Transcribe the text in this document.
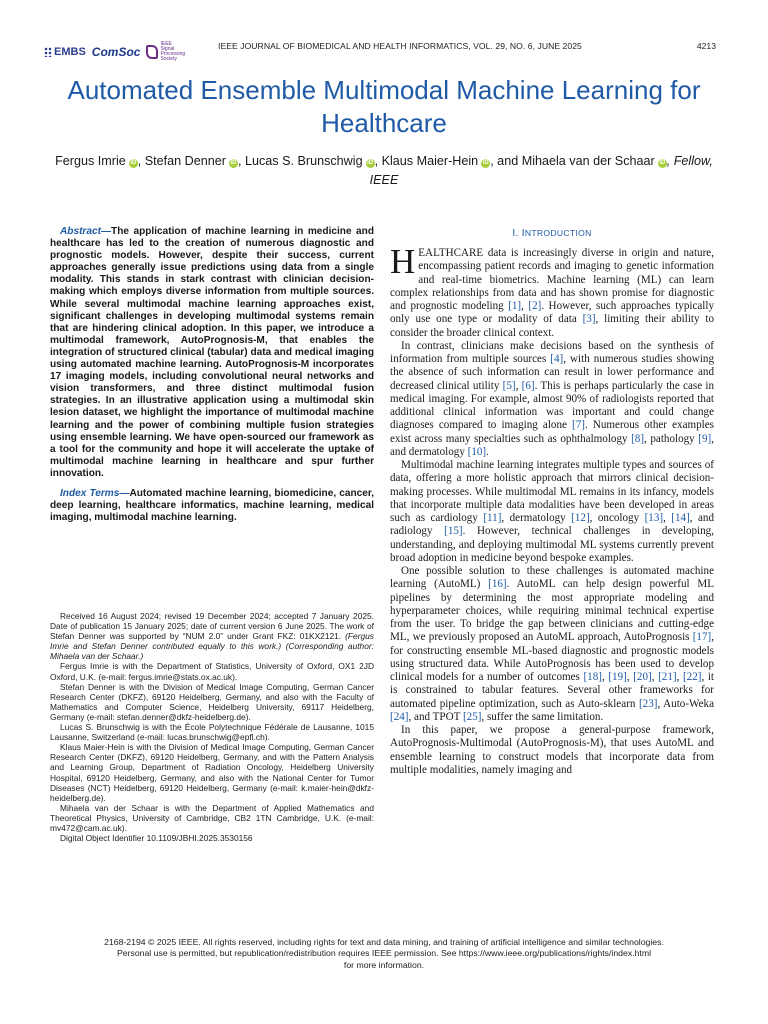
EMBS ComSoc
IEEE
Signal
Processing
Society
IEEE JOURNAL OF BIOMEDICAL AND HEALTH INFORMATICS, VOL. 29, NO. 6, JUNE 2025	4213
Automated Ensemble Multimodal Machine Learning for Healthcare
Fergus Imrie iD , Stefan Denner iD , Lucas S. Brunschwig iD , Klaus Maier-Hein iD , and Mihaela van der Schaar iD , Fellow, IEEE

Abstract—The application of machine learning in medicine and healthcare has led to the creation of numerous diagnostic and prognostic models. However, despite their success, current approaches generally issue predictions using data from a single modality. This stands in stark contrast with clinician decision-making which employs diverse information from multiple sources. While several multimodal machine learning approaches exist, significant challenges in developing multimodal systems remain that are hindering clinical adoption. In this paper, we introduce a multimodal framework, AutoPrognosis-M, that enables the integration of structured clinical (tabular) data and medical imaging using automated machine learning. AutoPrognosis-M incorporates 17 imaging models, including convolutional neural networks and vision transformers, and three distinct multimodal fusion strategies. In an illustrative application using a multimodal skin lesion dataset, we highlight the importance of multimodal machine learning and the power of combining multiple fusion strategies using ensemble learning. We have open-sourced our framework as a tool for the community and hope it will accelerate the uptake of multimodal machine learning in healthcare and spur further innovation.

Index Terms—Automated machine learning, biomedicine, cancer, deep learning, healthcare informatics, machine learning, medical imaging, multimodal machine learning.

Received 16 August 2024; revised 19 December 2024; accepted 7 January 2025. Date of publication 15 January 2025; date of current version 6 June 2025. The work of Stefan Denner was supported by “NUM 2.0” under Grant FKZ: 01KX2121. (Fergus Imrie and Stefan Denner contributed equally to this work.) (Corresponding author: Mihaela van der Schaar.)

Fergus Imrie is with the Department of Statistics, University of Oxford, OX1 2JD Oxford, U.K. (e-mail: fergus.imrie@stats.ox.ac.uk).

Stefan Denner is with the Division of Medical Image Computing, German Cancer Research Center (DKFZ), 69120 Heidelberg, Germany, and also with the Faculty of Mathematics and Computer Science, Heidelberg University, 69117 Heidelberg, Germany (e-mail: stefan.denner@dkfz-heidelberg.de).

Lucas S. Brunschwig is with the École Polytechnique Fédérale de Lausanne, 1015 Lausanne, Switzerland (e-mail: lucas.brunschwig@epfl.ch).

Klaus Maier-Hein is with the Division of Medical Image Computing, German Cancer Research Center (DKFZ), 69120 Heidelberg, Germany, and with the Pattern Analysis and Learning Group, Department of Radiation Oncology, Heidelberg University Hospital, 69120 Heidelberg, Germany, and also with the National Center for Tumor Diseases (NCT) Heidelberg, 69120 Heidelberg, Germany (e-mail: k.maier-hein@dkfz-heidelberg.de).

Mihaela van der Schaar is with the Department of Applied Mathematics and Theoretical Physics, University of Cambridge, CB2 1TN Cambridge, U.K. (e-mail: mv472@cam.ac.uk).

Digital Object Identifier 10.1109/JBHI.2025.3530156

I. INTRODUCTION

HEALTHCARE data is increasingly diverse in origin and nature, encompassing patient records and imaging to genetic information and real-time biometrics. Machine learning (ML) can learn complex relationships from data and has shown promise for diagnostic and prognostic modeling [1], [2]. However, such approaches typically only use one type or modality of data [3], limiting their ability to consider the broader clinical context.

In contrast, clinicians make decisions based on the synthesis of information from multiple sources [4], with numerous studies showing the absence of such information can result in lower performance and decreased clinical utility [5], [6]. This is perhaps particularly the case in medical imaging. For example, almost 90% of radiologists reported that additional clinical information was important and could change diagnoses compared to imaging alone [7]. Numerous other examples exist across many specialties such as ophthalmology [8], pathology [9], and dermatology [10].

Multimodal machine learning integrates multiple types and sources of data, offering a more holistic approach that mirrors clinical decision-making processes. While multimodal ML remains in its infancy, models that incorporate multiple data modalities have been developed in areas such as cardiology [11], dermatology [12], oncology [13], [14], and radiology [15]. However, technical challenges in developing, understanding, and deploying multimodal ML systems currently prevent broad adoption in medicine beyond bespoke examples.

One possible solution to these challenges is automated machine learning (AutoML) [16]. AutoML can help design powerful ML pipelines by determining the most appropriate modeling and hyperparameter choices, while requiring minimal technical expertise from the user. To bridge the gap between clinicians and cutting-edge ML, we previously proposed an AutoML approach, AutoPrognosis [17], for constructing ensemble ML-based diagnostic and prognostic models using structured data. While AutoPrognosis has been used to develop clinical models for a number of outcomes [18], [19], [20], [21], [22], it is constrained to tabular features. Several other frameworks for automated pipeline optimization, such as Auto-sklearn [23], Auto-Weka [24], and TPOT [25], suffer the same limitation.

In this paper, we propose a general-purpose framework, AutoPrognosis-Multimodal (AutoPrognosis-M), that uses AutoML and ensemble learning to construct models that incorporate data from multiple modalities, namely imaging and

2168-2194 © 2025 IEEE. All rights reserved, including rights for text and data mining, and training of artificial intelligence and similar technologies.
Personal use is permitted, but republication/redistribution requires IEEE permission. See https://www.ieee.org/publications/rights/index.html
for more information.
